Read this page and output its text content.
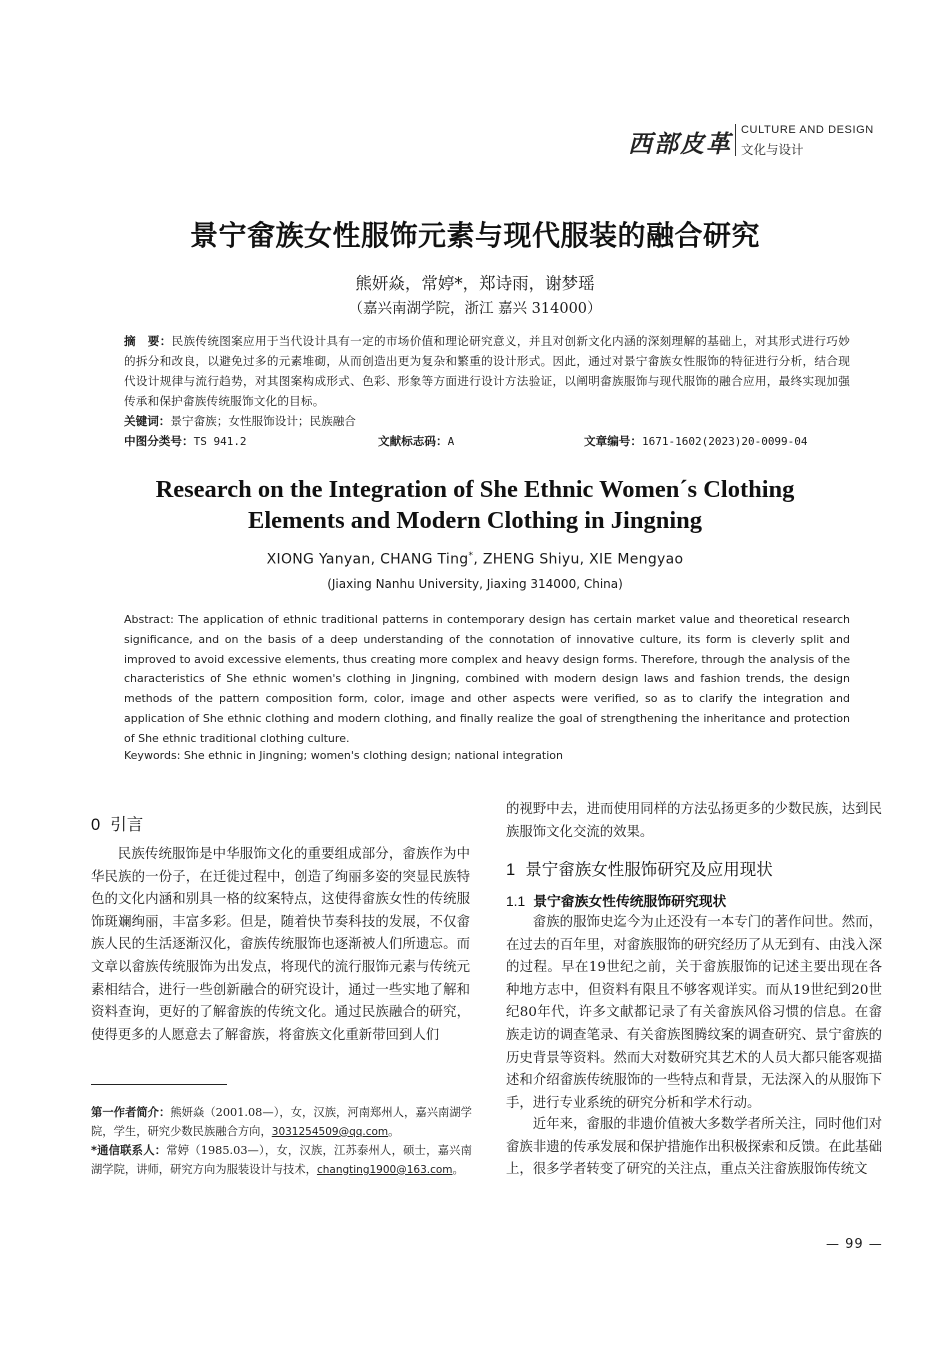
西部皮革 CULTURE AND DESIGN
文化与设计
景宁畲族女性服饰元素与现代服装的融合研究
熊妍焱，常婷*，郑诗雨，谢梦瑶
（嘉兴南湖学院，浙江 嘉兴 314000）
摘　要：民族传统图案应用于当代设计具有一定的市场价值和理论研究意义，并且对创新文化内涵的深刻理解的基础上，对其形式进行巧妙的拆分和改良，以避免过多的元素堆砌，从而创造出更为复杂和繁重的设计形式。因此，通过对景宁畲族女性服饰的特征进行分析，结合现代设计规律与流行趋势，对其图案构成形式、色彩、形象等方面进行设计方法验证，以阐明畲族服饰与现代服饰的融合应用，最终实现加强传承和保护畲族传统服饰文化的目标。
关键词：景宁畲族；女性服饰设计；民族融合
中图分类号：TS 941.2	文献标志码：A	文章编号：1671-1602(2023)20-0099-04
Research on the Integration of She Ethnic Women´s Clothing
Elements and Modern Clothing in Jingning
XIONG Yanyan, CHANG Ting*, ZHENG Shiyu, XIE Mengyao
(Jiaxing Nanhu University, Jiaxing 314000, China)
Abstract: The application of ethnic traditional patterns in contemporary design has certain market value and theoretical research significance, and on the basis of a deep understanding of the connotation of innovative culture, its form is cleverly split and improved to avoid excessive elements, thus creating more complex and heavy design forms. Therefore, through the analysis of the characteristics of She ethnic women's clothing in Jingning, combined with modern design laws and fashion trends, the design methods of the pattern composition form, color, image and other aspects were verified, so as to clarify the integration and application of She ethnic clothing and modern clothing, and finally realize the goal of strengthening the inheritance and protection of She ethnic traditional clothing culture.
Keywords: She ethnic in Jingning; women's clothing design; national integration
0 引言

民族传统服饰是中华服饰文化的重要组成部分，畲族作为中华民族的一份子，在迁徙过程中，创造了绚丽多姿的突显民族特色的文化内涵和别具一格的纹案特点，这使得畲族女性的传统服饰斑斓绚丽，丰富多彩。但是，随着快节奏科技的发展，不仅畲族人民的生活逐渐汉化，畲族传统服饰也逐渐被人们所遗忘。而文章以畲族传统服饰为出发点，将现代的流行服饰元素与传统元素相结合，进行一些创新融合的研究设计，通过一些实地了解和资料查询，更好的了解畲族的传统文化。通过民族融合的研究，使得更多的人愿意去了解畲族，将畲族文化重新带回到人们

第一作者简介：熊妍焱（2001.08—），女，汉族，河南郑州人，嘉兴南湖学院，学生，研究少数民族融合方向，3031254509@qq.com。
*通信联系人：常婷（1985.03—），女，汉族，江苏泰州人，硕士，嘉兴南湖学院，讲师，研究方向为服装设计与技术，changting1900@163.com。

的视野中去，进而使用同样的方法弘扬更多的少数民族，达到民族服饰文化交流的效果。

1 景宁畲族女性服饰研究及应用现状
1.1 景宁畲族女性传统服饰研究现状

畲族的服饰史迄今为止还没有一本专门的著作问世。然而，在过去的百年里，对畲族服饰的研究经历了从无到有、由浅入深的过程。早在19世纪之前，关于畲族服饰的记述主要出现在各种地方志中，但资料有限且不够客观详实。而从19世纪到20世纪80年代，许多文献都记录了有关畲族风俗习惯的信息。在畲族走访的调查笔录、有关畲族图腾纹案的调查研究、景宁畲族的历史背景等资料。然而大对数研究其艺术的人员大都只能客观描述和介绍畲族传统服饰的一些特点和背景，无法深入的从服饰下手，进行专业系统的研究分析和学术行动。

近年来，畲服的非遗价值被大多数学者所关注，同时他们对畲族非遗的传承发展和保护措施作出积极探索和反馈。在此基础上，很多学者转变了研究的关注点，重点关注畲族服饰传统文

— 99 —
